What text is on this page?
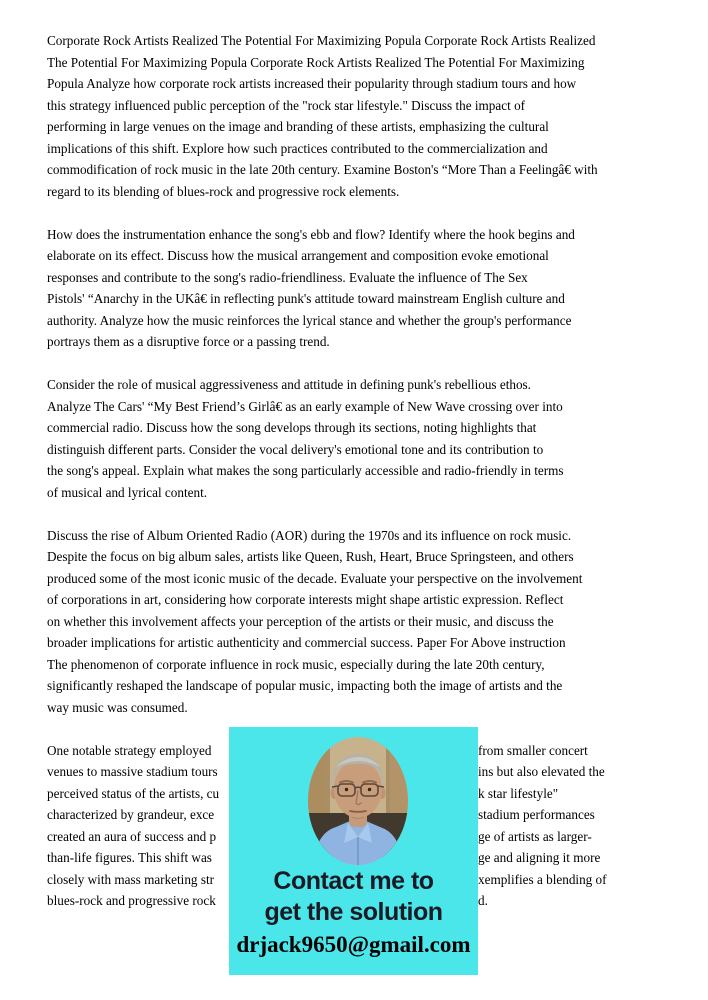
Corporate Rock Artists Realized The Potential For Maximizing Popula Corporate Rock Artists Realized
The Potential For Maximizing Popula Corporate Rock Artists Realized The Potential For Maximizing
Popula Analyze how corporate rock artists increased their popularity through stadium tours and how
this strategy influenced public perception of the "rock star lifestyle." Discuss the impact of
performing in large venues on the image and branding of these artists, emphasizing the cultural
implications of this shift. Explore how such practices contributed to the commercialization and
commodification of rock music in the late 20th century. Examine Boston's “More Than a Feelingâ€ with
regard to its blending of blues-rock and progressive rock elements.
How does the instrumentation enhance the song's ebb and flow? Identify where the hook begins and
elaborate on its effect. Discuss how the musical arrangement and composition evoke emotional
responses and contribute to the song's radio-friendliness. Evaluate the influence of The Sex
Pistols' “Anarchy in the UKâ€ in reflecting punk's attitude toward mainstream English culture and
authority. Analyze how the music reinforces the lyrical stance and whether the group's performance
portrays them as a disruptive force or a passing trend.
Consider the role of musical aggressiveness and attitude in defining punk's rebellious ethos.
Analyze The Cars' “My Best Friend’s Girlâ€ as an early example of New Wave crossing over into
commercial radio. Discuss how the song develops through its sections, noting highlights that
distinguish different parts. Consider the vocal delivery's emotional tone and its contribution to
the song's appeal. Explain what makes the song particularly accessible and radio-friendly in terms
of musical and lyrical content.
Discuss the rise of Album Oriented Radio (AOR) during the 1970s and its influence on rock music.
Despite the focus on big album sales, artists like Queen, Rush, Heart, Bruce Springsteen, and others
produced some of the most iconic music of the decade. Evaluate your perspective on the involvement
of corporations in art, considering how corporate interests might shape artistic expression. Reflect
on whether this involvement affects your perception of the artists or their music, and discuss the
broader implications for artistic authenticity and commercial success. Paper For Above instruction
The phenomenon of corporate influence in rock music, especially during the late 20th century,
significantly reshaped the landscape of popular music, impacting both the image of artists and the
way music was consumed.
One notable strategy employed	from smaller concert
venues to massive stadium tours	ins but also elevated the
perceived status of the artists, cu	k star lifestyle"
characterized by grandeur, exce	stadium performances
created an aura of success and p	ge of artists as larger-
than-life figures. This shift was	ge and aligning it more
closely with mass marketing str	xemplifies a blending of
blues-rock and progressive rock	d.
Contact me to
get the solution
drjack9650@gmail.com
